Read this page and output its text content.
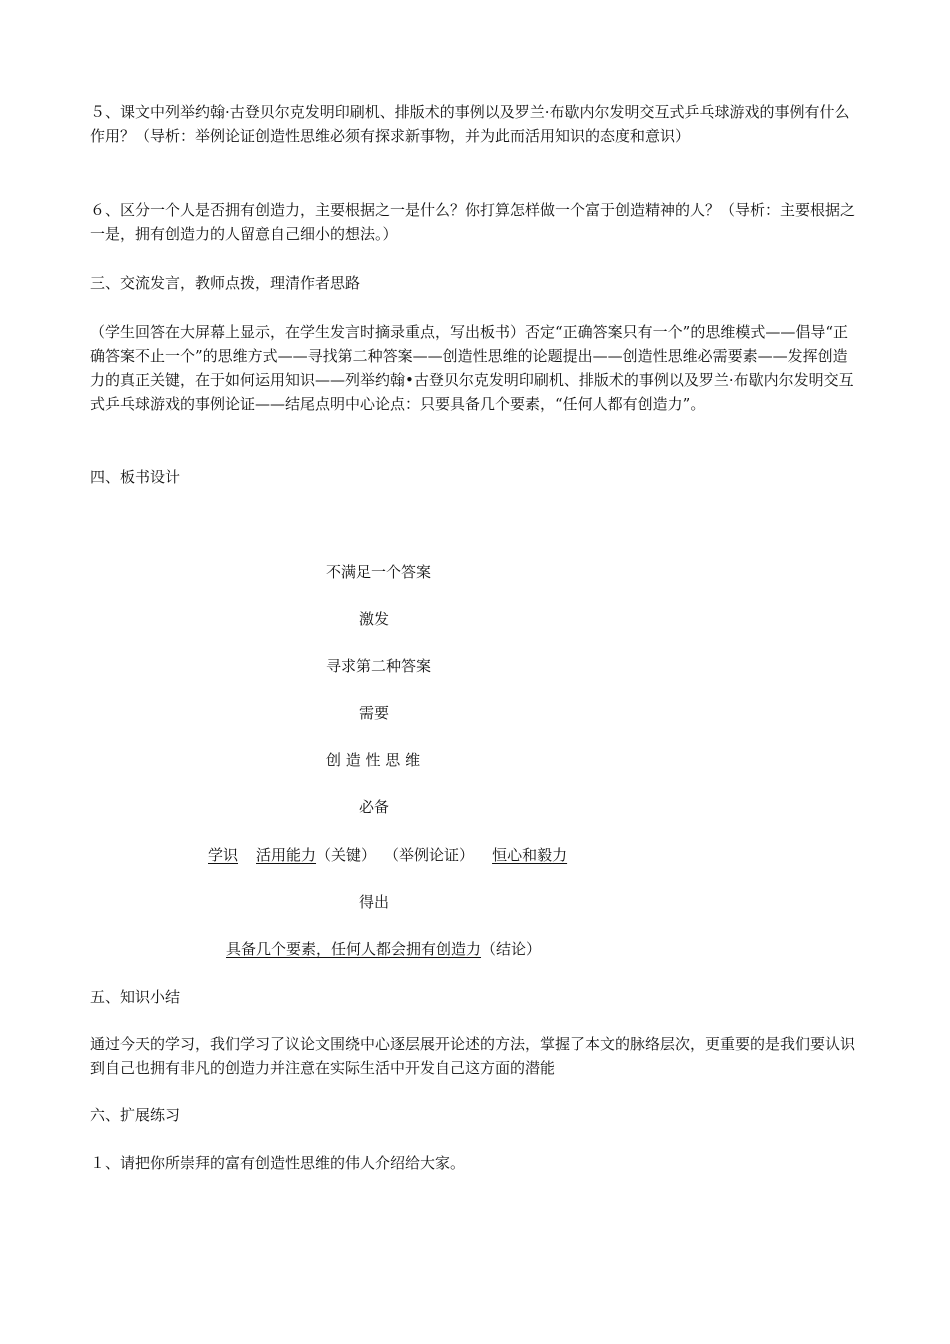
５、课文中列举约翰·古登贝尔克发明印刷机、排版术的事例以及罗兰·布歇内尔发明交互式乒乓球游戏的事例有什么作用？（导析：举例论证创造性思维必须有探求新事物，并为此而活用知识的态度和意识）

６、区分一个人是否拥有创造力，主要根据之一是什么？你打算怎样做一个富于创造精神的人？（导析：主要根据之一是，拥有创造力的人留意自己细小的想法。）

三、交流发言，教师点拨，理清作者思路

（学生回答在大屏幕上显示，在学生发言时摘录重点，写出板书）否定“正确答案只有一个”的思维模式——倡导“正确答案不止一个”的思维方式——寻找第二种答案——创造性思维的论题提出——创造性思维必需要素——发挥创造力的真正关键，在于如何运用知识——列举约翰•古登贝尔克发明印刷机、排版术的事例以及罗兰·布歇内尔发明交互式乒乓球游戏的事例论证——结尾点明中心论点：只要具备几个要素，“任何人都有创造力”。

四、板书设计

不满足一个答案

激发

寻求第二种答案

需要

创 造 性 思 维

必备

学识 活用能力（关键） （举例论证） 恒心和毅力

得出

具备几个要素，任何人都会拥有创造力（结论）

五、知识小结

通过今天的学习，我们学习了议论文围绕中心逐层展开论述的方法，掌握了本文的脉络层次，更重要的是我们要认识到自己也拥有非凡的创造力并注意在实际生活中开发自己这方面的潜能

六、扩展练习

１、请把你所崇拜的富有创造性思维的伟人介绍给大家。
